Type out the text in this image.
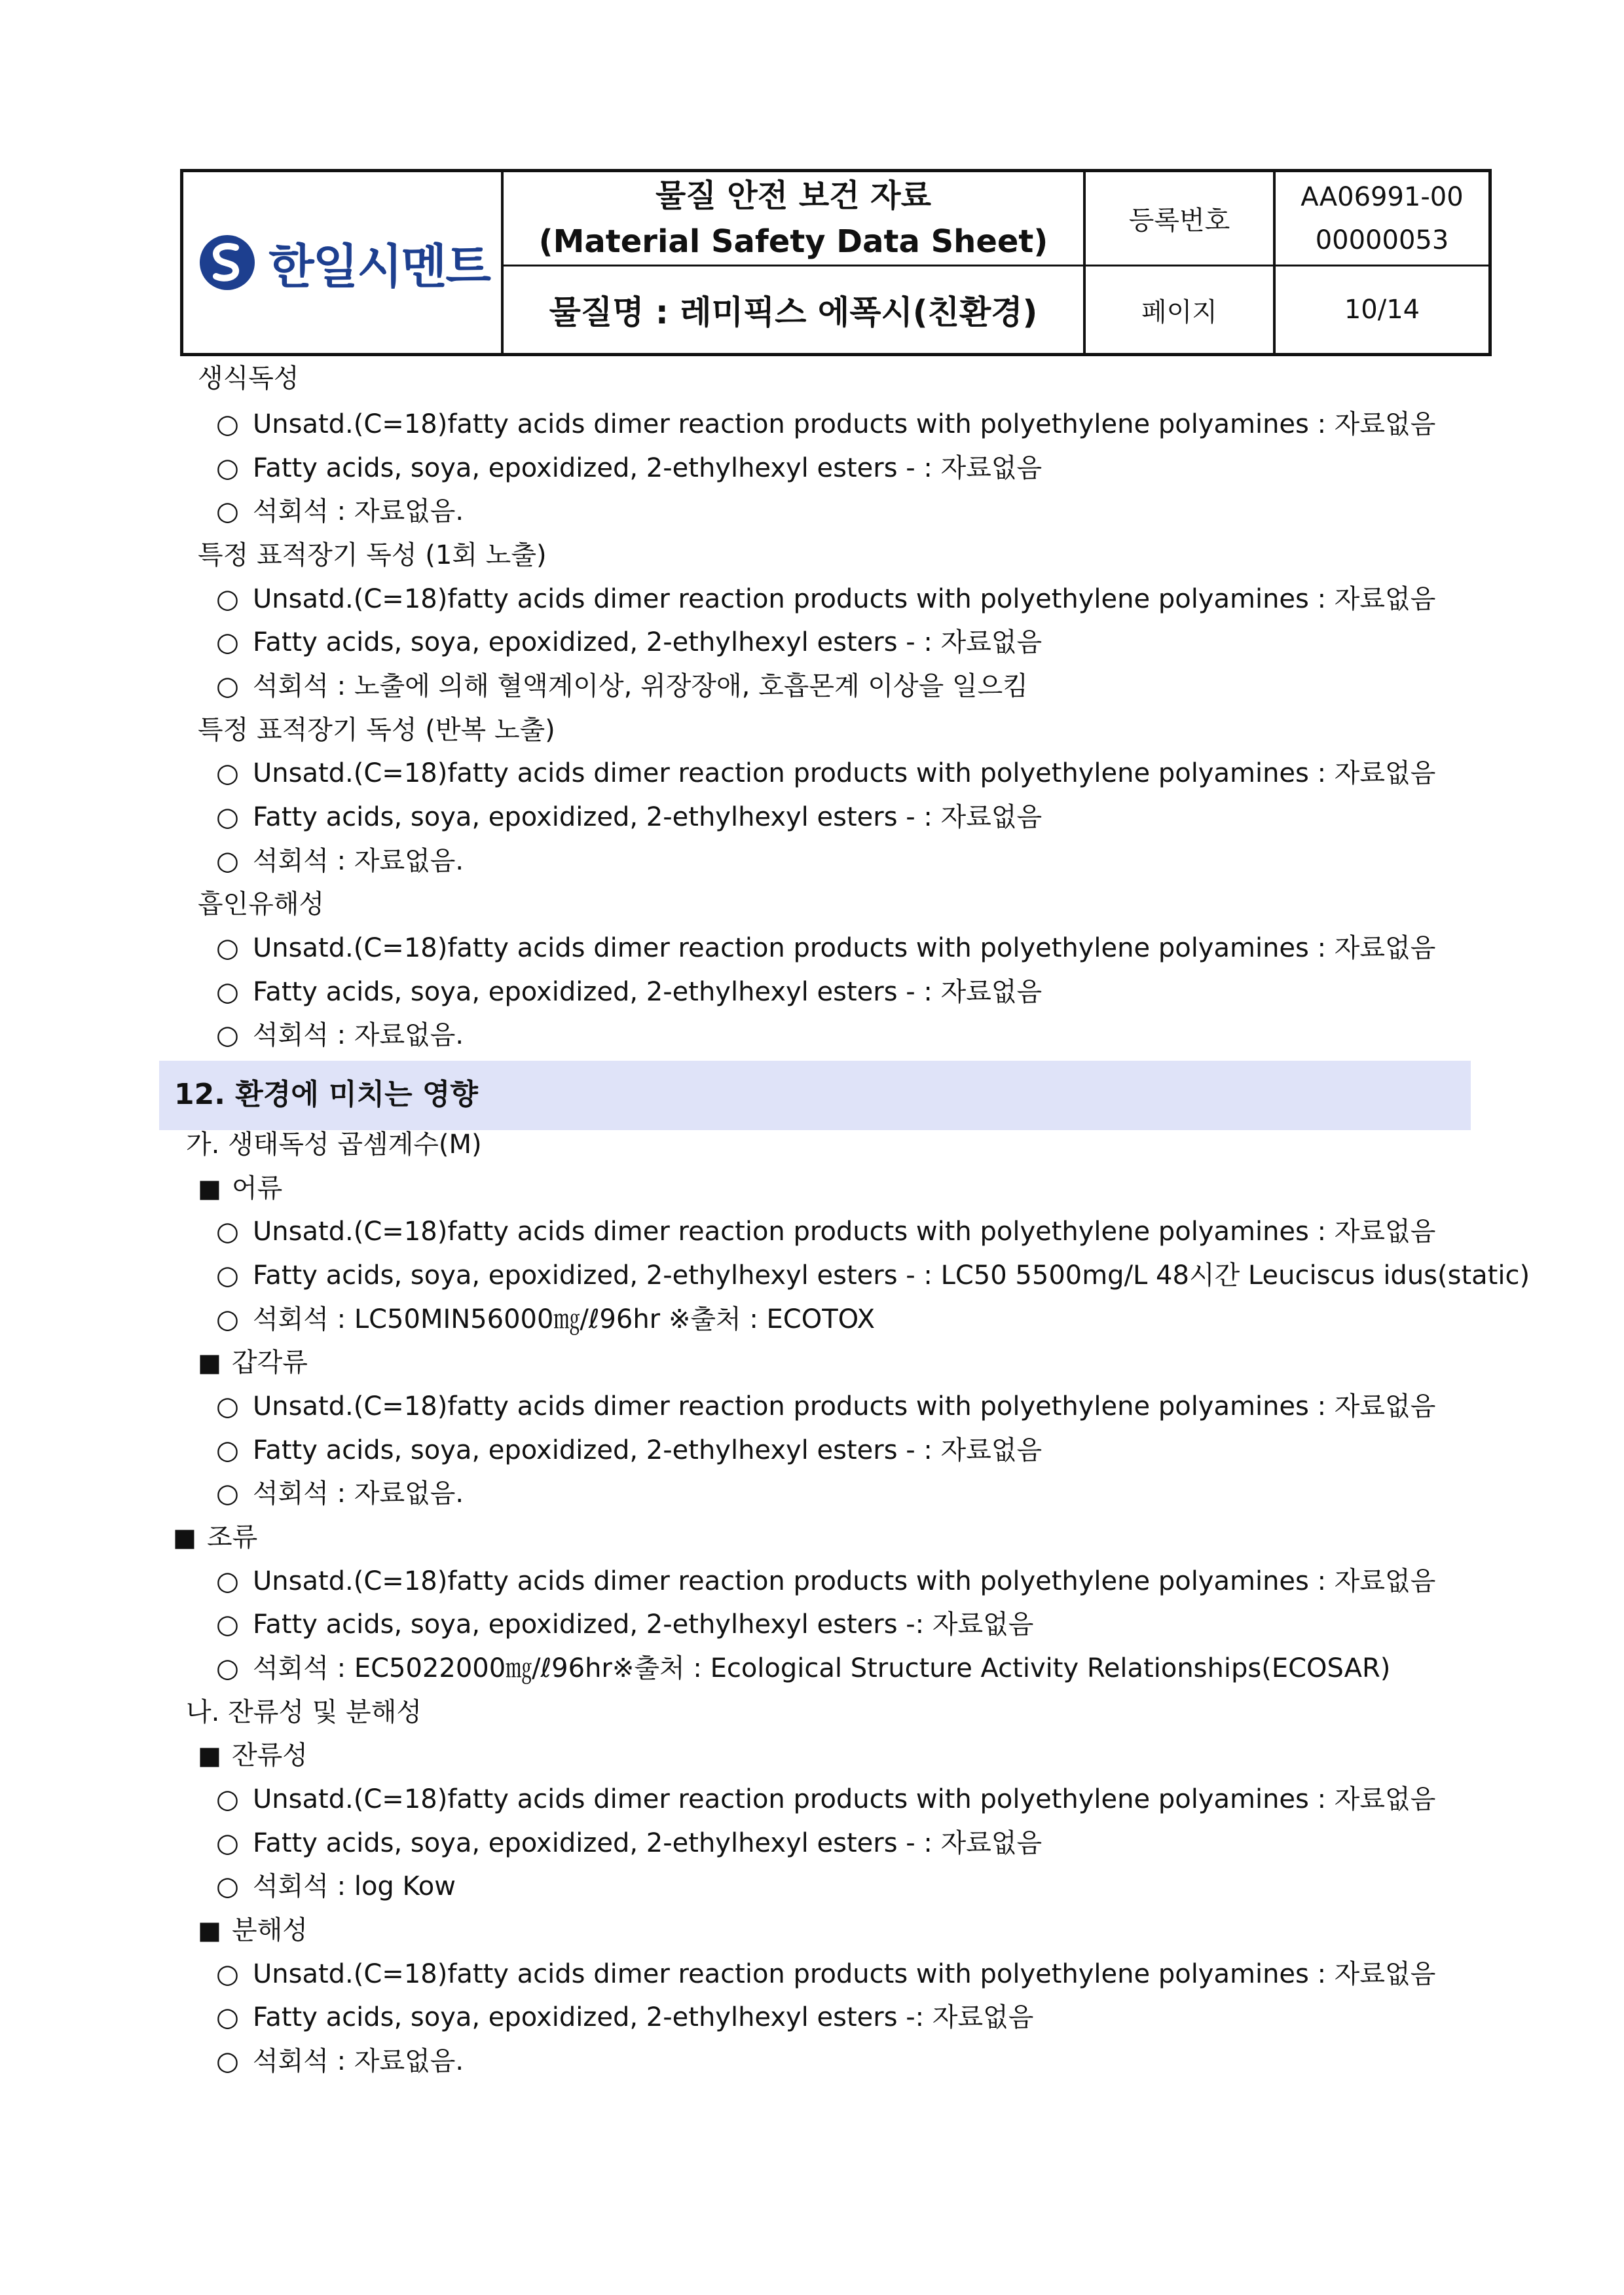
한일시멘트
물질 안전 보건 자료
(Material Safety Data Sheet)
물질명 : 레미픽스 에폭시(친환경)
등록번호
페이지
AA06991-00
00000053
10/14
생식독성
○ Unsatd.(C=18)fatty acids dimer reaction products with polyethylene polyamines : 자료없음
○ Fatty acids, soya, epoxidized, 2-ethylhexyl esters - : 자료없음
○ 석회석 : 자료없음.
특정 표적장기 독성 (1회 노출)
○ Unsatd.(C=18)fatty acids dimer reaction products with polyethylene polyamines : 자료없음
○ Fatty acids, soya, epoxidized, 2-ethylhexyl esters - : 자료없음
○ 석회석 : 노출에 의해 혈액계이상, 위장장애, 호흡몬계 이상을 일으킴
특정 표적장기 독성 (반복 노출)
○ Unsatd.(C=18)fatty acids dimer reaction products with polyethylene polyamines : 자료없음
○ Fatty acids, soya, epoxidized, 2-ethylhexyl esters - : 자료없음
○ 석회석 : 자료없음.
흡인유해성
○ Unsatd.(C=18)fatty acids dimer reaction products with polyethylene polyamines : 자료없음
○ Fatty acids, soya, epoxidized, 2-ethylhexyl esters - : 자료없음
○ 석회석 : 자료없음.
12. 환경에 미치는 영향
가. 생태독성 곱셈계수(M)
■ 어류
○ Unsatd.(C=18)fatty acids dimer reaction products with polyethylene polyamines : 자료없음
○ Fatty acids, soya, epoxidized, 2-ethylhexyl esters - : LC50 5500mg/L 48시간 Leuciscus idus(static)
○ 석회석 : LC50MIN56000㎎/ℓ96hr ※출처 : ECOTOX
■ 갑각류
○ Unsatd.(C=18)fatty acids dimer reaction products with polyethylene polyamines : 자료없음
○ Fatty acids, soya, epoxidized, 2-ethylhexyl esters - : 자료없음
○ 석회석 : 자료없음.
■ 조류
○ Unsatd.(C=18)fatty acids dimer reaction products with polyethylene polyamines : 자료없음
○ Fatty acids, soya, epoxidized, 2-ethylhexyl esters -: 자료없음
○ 석회석 : EC5022000㎎/ℓ96hr※출처 : Ecological Structure Activity Relationships(ECOSAR)
나. 잔류성 및 분해성
■ 잔류성
○ Unsatd.(C=18)fatty acids dimer reaction products with polyethylene polyamines : 자료없음
○ Fatty acids, soya, epoxidized, 2-ethylhexyl esters - : 자료없음
○ 석회석 : log Kow
■ 분해성
○ Unsatd.(C=18)fatty acids dimer reaction products with polyethylene polyamines : 자료없음
○ Fatty acids, soya, epoxidized, 2-ethylhexyl esters -: 자료없음
○ 석회석 : 자료없음.
